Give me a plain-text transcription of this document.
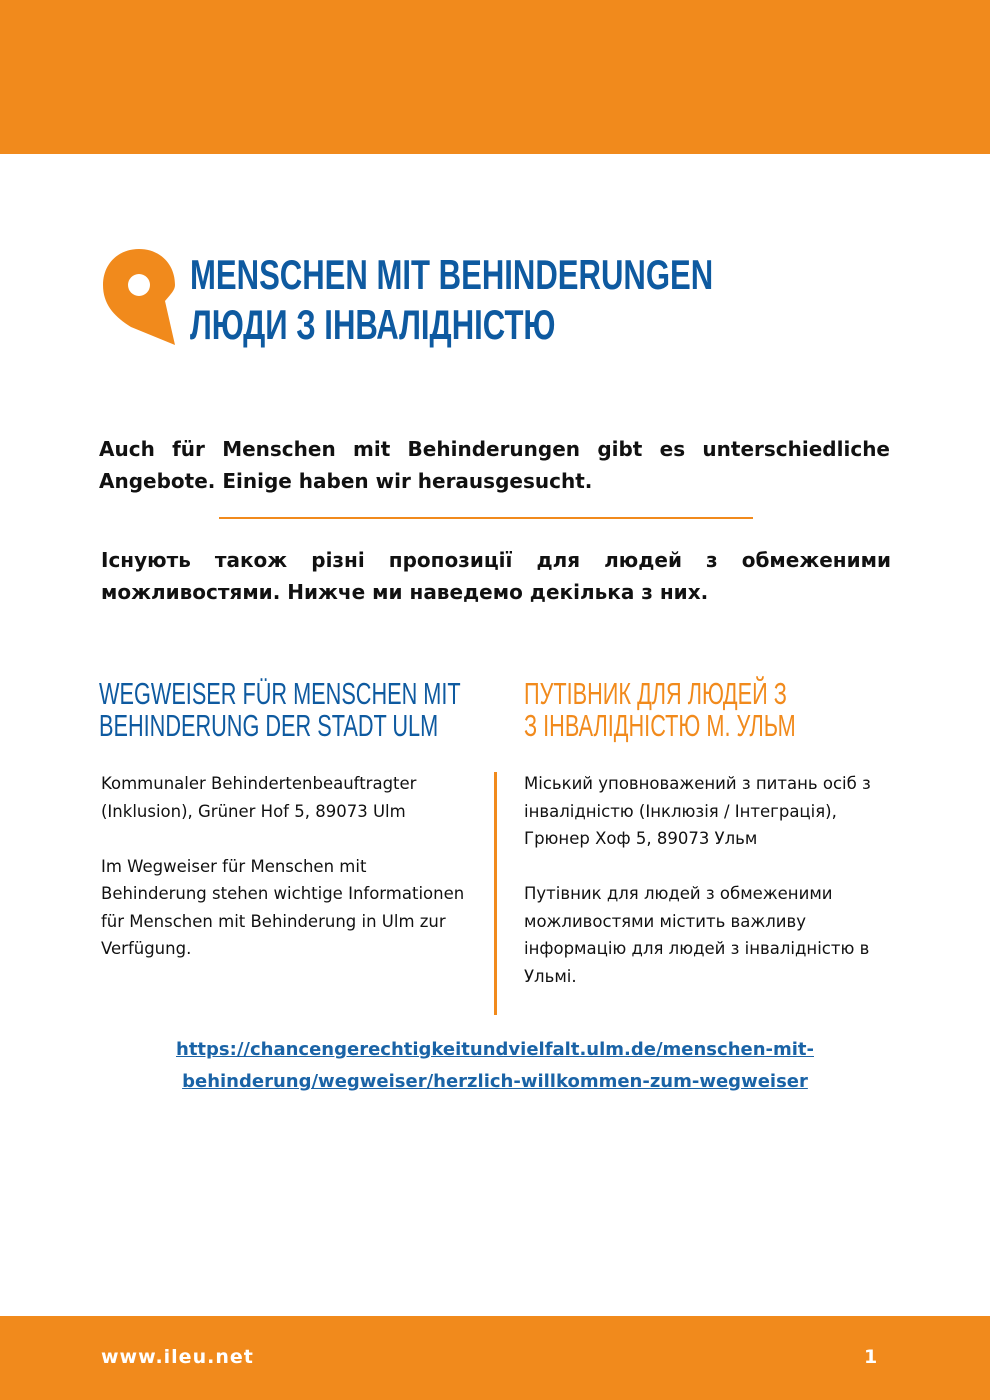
MENSCHEN MIT BEHINDERUNGEN
ЛЮДИ З ІНВАЛІДНІСТЮ

Auch für Menschen mit Behinderungen gibt es unterschiedliche Angebote. Einige haben wir herausgesucht.

Існують також різні пропозиції для людей з обмеженими можливостями. Нижче ми наведемо декілька з них.

WEGWEISER FÜR MENSCHEN MIT
BEHINDERUNG DER STADT ULM
ПУТІВНИК ДЛЯ ЛЮДЕЙ З
З ІНВАЛІДНІСТЮ М. УЛЬМ

Kommunaler Behindertenbeauftragter (Inklusion), Grüner Hof 5, 89073 Ulm

Im Wegweiser für Menschen mit Behinderung stehen wichtige Informationen für Menschen mit Behinderung in Ulm zur Verfügung.

Міський уповноважений з питань осіб з інвалідністю (Інклюзія / Інтеграція), Грюнер Хоф 5, 89073 Ульм

Путівник для людей з обмеженими можливостями містить важливу інформацію для людей з інвалідністю в Ульмі.

https://chancengerechtigkeitundvielfalt.ulm.de/menschen-mit-
behinderung/wegweiser/herzlich-willkommen-zum-wegweiser

www.ileu.net	1
